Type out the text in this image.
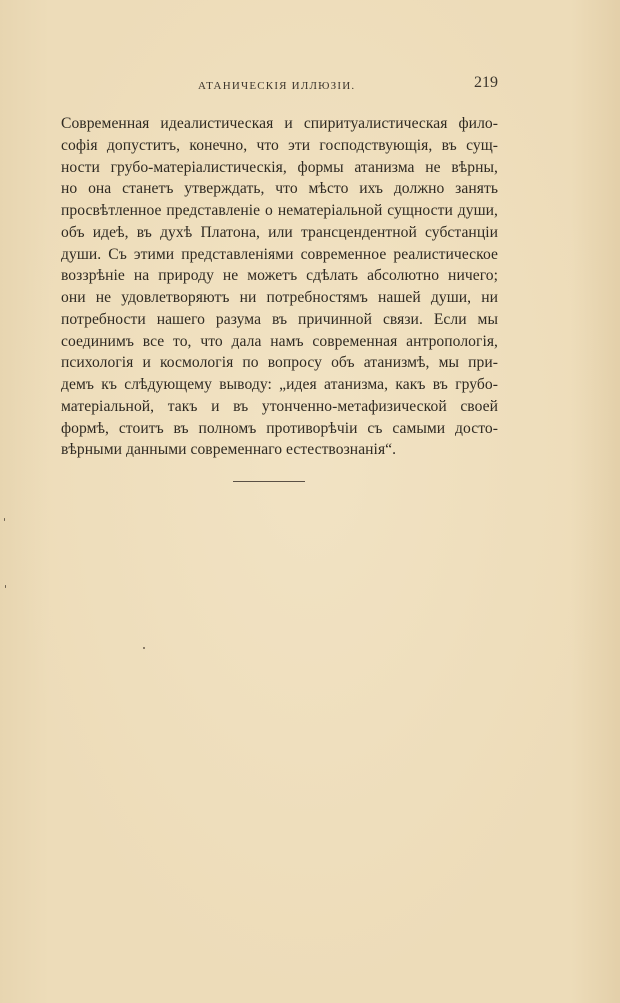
АТАНИЧЕСКІЯ ИЛЛЮЗІИ.	219
Современная идеалистическая и спиритуалистическая фило-
софія допуститъ, конечно, что эти господствующія, въ сущ-
ности грубо-матеріалистическія, формы атанизма не вѣрны,
но она станетъ утверждать, что мѣсто ихъ должно занять
просвѣтленное представленіе о нематеріальной сущности души,
объ идеѣ, въ духѣ Платона, или трансцендентной субстанціи
души. Съ этими представленіями современное реалистическое
воззрѣніе на природу не можетъ сдѣлать абсолютно ничего;
они не удовлетворяютъ ни потребностямъ нашей души, ни
потребности нашего разума въ причинной связи. Если мы
соединимъ все то, что дала намъ современная антропологія,
психологія и космологія по вопросу объ атанизмѣ, мы при-
демъ къ слѣдующему выводу: „идея атанизма, какъ въ грубо-
матеріальной, такъ и въ утонченно-метафизической своей
формѣ, стоитъ въ полномъ противорѣчіи съ самыми досто-
вѣрными данными современнаго естествознанія“.
